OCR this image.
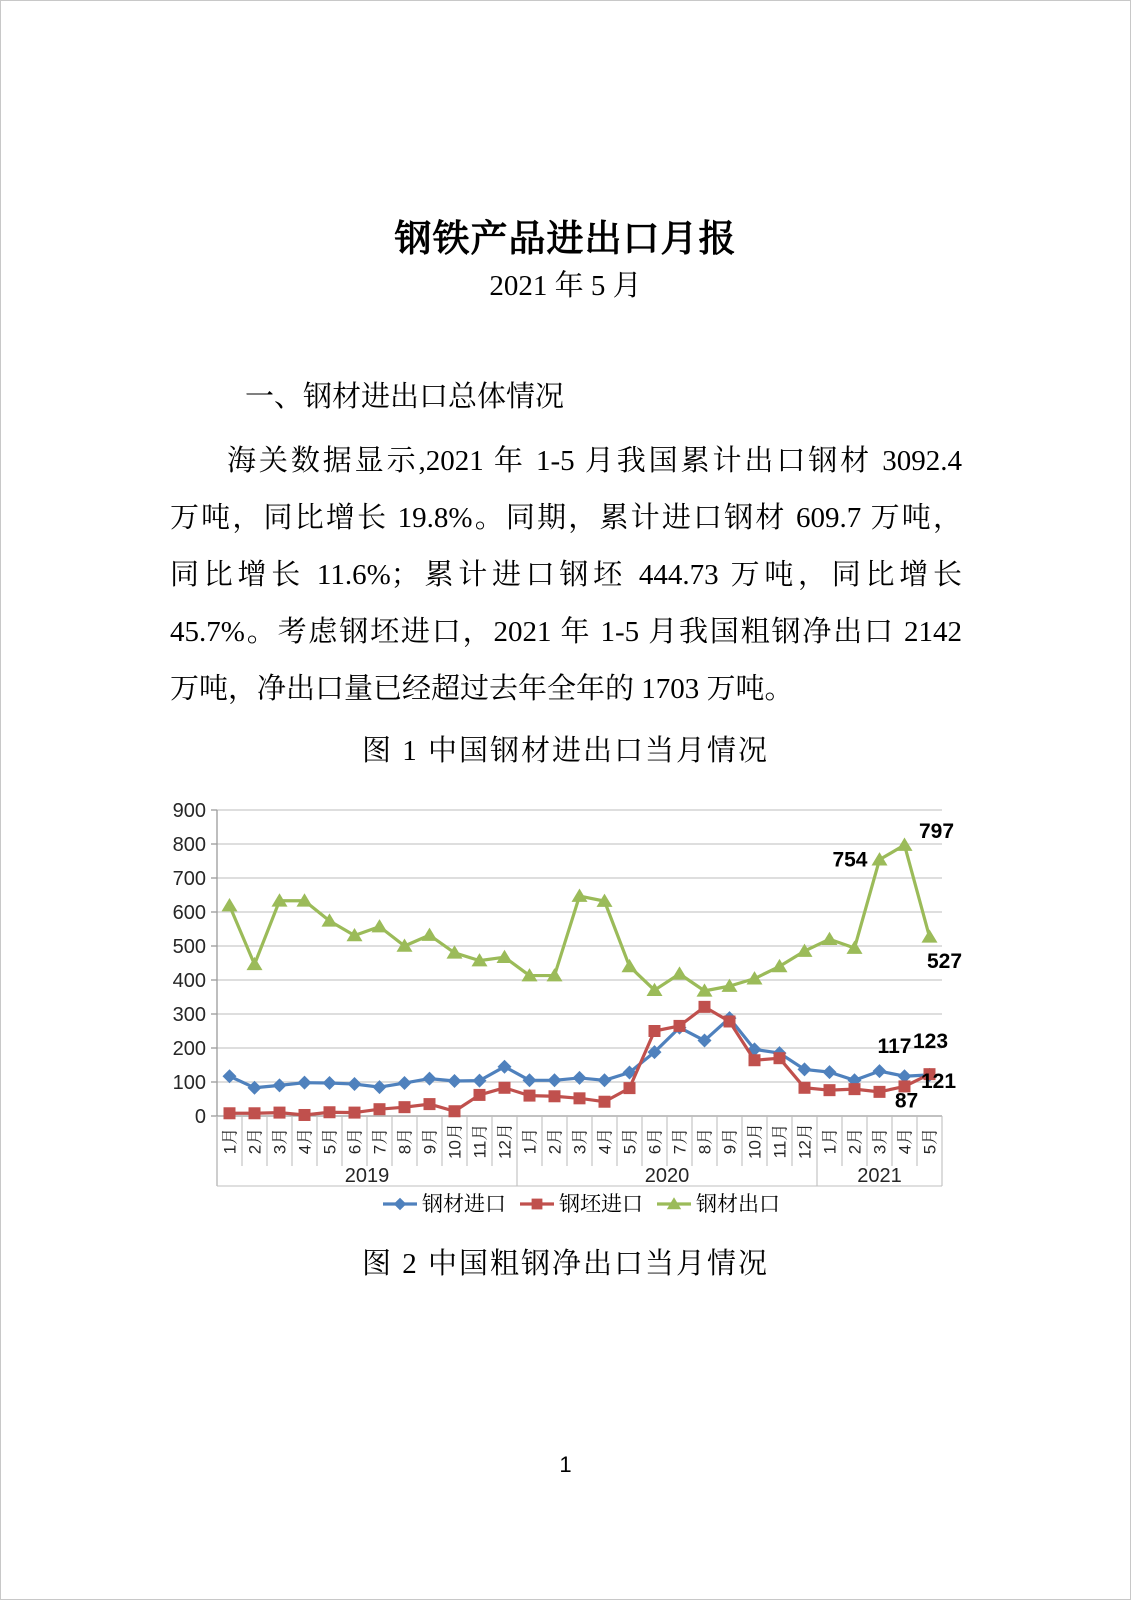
钢铁产品进出口月报
2021 年 5 月
一、钢材进出口总体情况
海关数据显示,2021 年 1-5 月我国累计出口钢材 3092.4
万吨，同比增长 19.8%。同期，累计进口钢材 609.7 万吨，
同比增长 11.6%；累计进口钢坯 444.73 万吨，同比增长
45.7%。考虑钢坯进口，2021 年 1-5 月我国粗钢净出口 2142
万吨，净出口量已经超过去年全年的 1703 万吨。
图 1 中国钢材进出口当月情况
0
100
200
300
400
500
600
700
800
900
1月 2月 3月 4月 5月 6月 7月 8月 9月 10月 11月 12月 1月 2月 3月 4月 5月 6月 7月 8月 9月 10月 11月 12月 1月 2月 3月 4月 5月
2019	2020	2021
754
797
527
117 123
121
87
钢材进口	钢坯进口	钢材出口
图 2 中国粗钢净出口当月情况
1
